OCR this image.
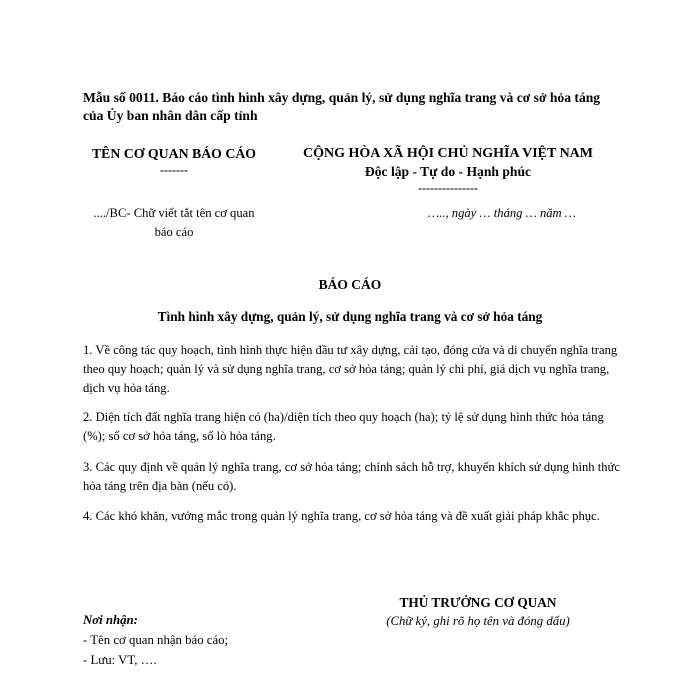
Mẫu số 0011. Báo cáo tình hình xây dựng, quản lý, sử dụng nghĩa trang và cơ sở hỏa táng của Ủy ban nhân dân cấp tỉnh
TÊN CƠ QUAN BÁO CÁO
-------
CỘNG HÒA XÃ HỘI CHỦ NGHĨA VIỆT NAM
Độc lập - Tự do - Hạnh phúc
---------------
..../BC- Chữ viết tắt tên cơ quan
báo cáo
….., ngày … tháng … năm …
BÁO CÁO
Tình hình xây dựng, quản lý, sử dụng nghĩa trang và cơ sở hỏa táng
1. Về công tác quy hoạch, tình hình thực hiện đầu tư xây dựng, cải tạo, đóng cửa và di chuyển nghĩa trang theo quy hoạch; quản lý và sử dụng nghĩa trang, cơ sở hỏa táng; quản lý chi phí, giá dịch vụ nghĩa trang, dịch vụ hỏa táng.
2. Diện tích đất nghĩa trang hiện có (ha)/diện tích theo quy hoạch (ha); tỷ lệ sử dụng hình thức hỏa táng (%); số cơ sở hỏa táng, số lò hỏa táng.
3. Các quy định về quản lý nghĩa trang, cơ sở hỏa táng; chính sách hỗ trợ, khuyến khích sử dụng hình thức hỏa táng trên địa bàn (nếu có).
4. Các khó khăn, vướng mắc trong quản lý nghĩa trang, cơ sở hỏa táng và đề xuất giải pháp khắc phục.
THỦ TRƯỞNG CƠ QUAN
(Chữ ký, ghi rõ họ tên và đóng dấu)
Nơi nhận:
- Tên cơ quan nhận báo cáo;
- Lưu: VT, ….
